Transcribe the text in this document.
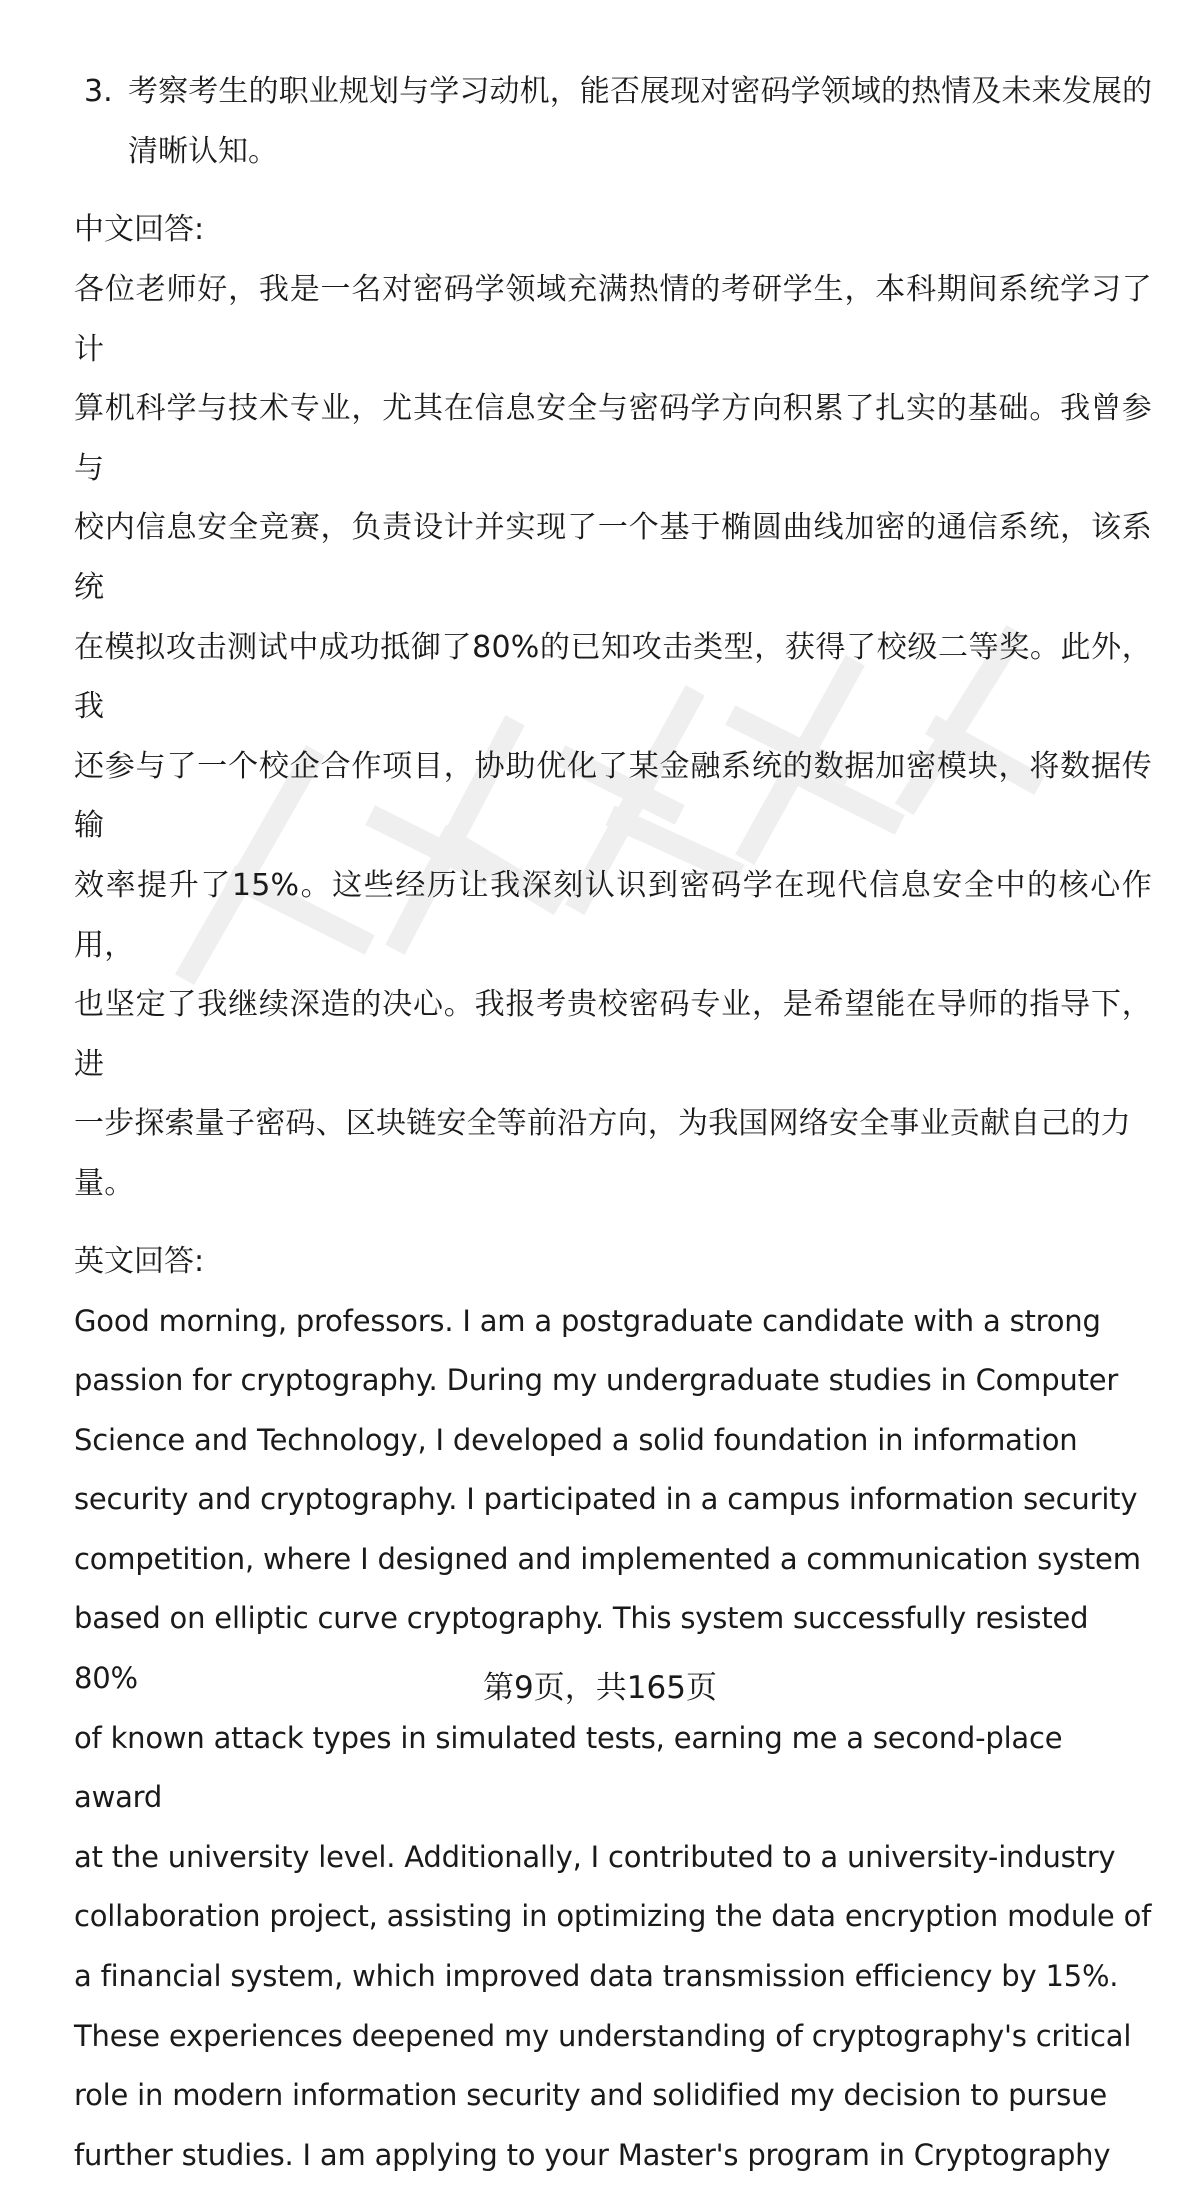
3. 考察考生的职业规划与学习动机，能否展现对密码学领域的热情及未来发展的清晰认知。
中文回答:
各位老师好，我是一名对密码学领域充满热情的考研学生，本科期间系统学习了计
算机科学与技术专业，尤其在信息安全与密码学方向积累了扎实的基础。我曾参与
校内信息安全竞赛，负责设计并实现了一个基于椭圆曲线加密的通信系统，该系统
在模拟攻击测试中成功抵御了80%的已知攻击类型，获得了校级二等奖。此外，我
还参与了一个校企合作项目，协助优化了某金融系统的数据加密模块，将数据传输
效率提升了15%。这些经历让我深刻认识到密码学在现代信息安全中的核心作用，
也坚定了我继续深造的决心。我报考贵校密码专业，是希望能在导师的指导下，进
一步探索量子密码、区块链安全等前沿方向，为我国网络安全事业贡献自己的力
量。
英文回答:
Good morning, professors. I am a postgraduate candidate with a strong
passion for cryptography. During my undergraduate studies in Computer
Science and Technology, I developed a solid foundation in information
security and cryptography. I participated in a campus information security
competition, where I designed and implemented a communication system
based on elliptic curve cryptography. This system successfully resisted 80%
of known attack types in simulated tests, earning me a second-place award
at the university level. Additionally, I contributed to a university-industry
collaboration project, assisting in optimizing the data encryption module of
a financial system, which improved data transmission efficiency by 15%.
These experiences deepened my understanding of cryptography's critical
role in modern information security and solidified my decision to pursue
further studies. I am applying to your Master's program in Cryptography
第9页，共165页
